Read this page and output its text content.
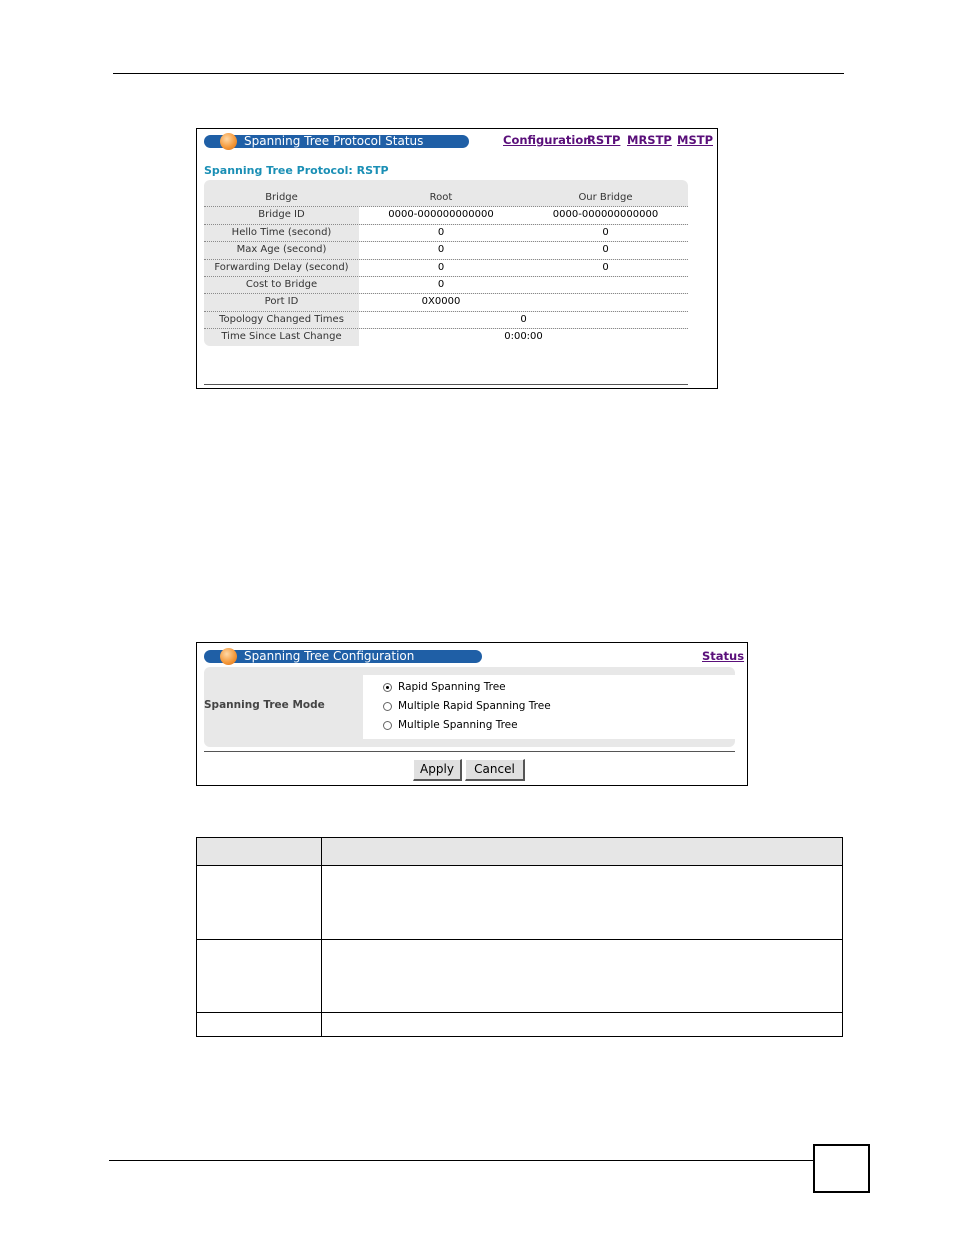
Spanning Tree Protocol Status	Configuration
RSTP MRSTP MSTP
Spanning Tree Protocol: RSTP
Bridge	Root	Our Bridge
Bridge ID	0000-000000000000	0000-000000000000
Hello Time (second)	0	0
Max Age (second)	0	0
Forwarding Delay (second)	0	0
Cost to Bridge	0
Port ID	0X0000
Topology Changed Times	0
Time Since Last Change	0:00:00
Spanning Tree Configuration	Status
Spanning Tree Mode
Rapid Spanning Tree
Multiple Rapid Spanning Tree
Multiple Spanning Tree
Apply	Cancel
